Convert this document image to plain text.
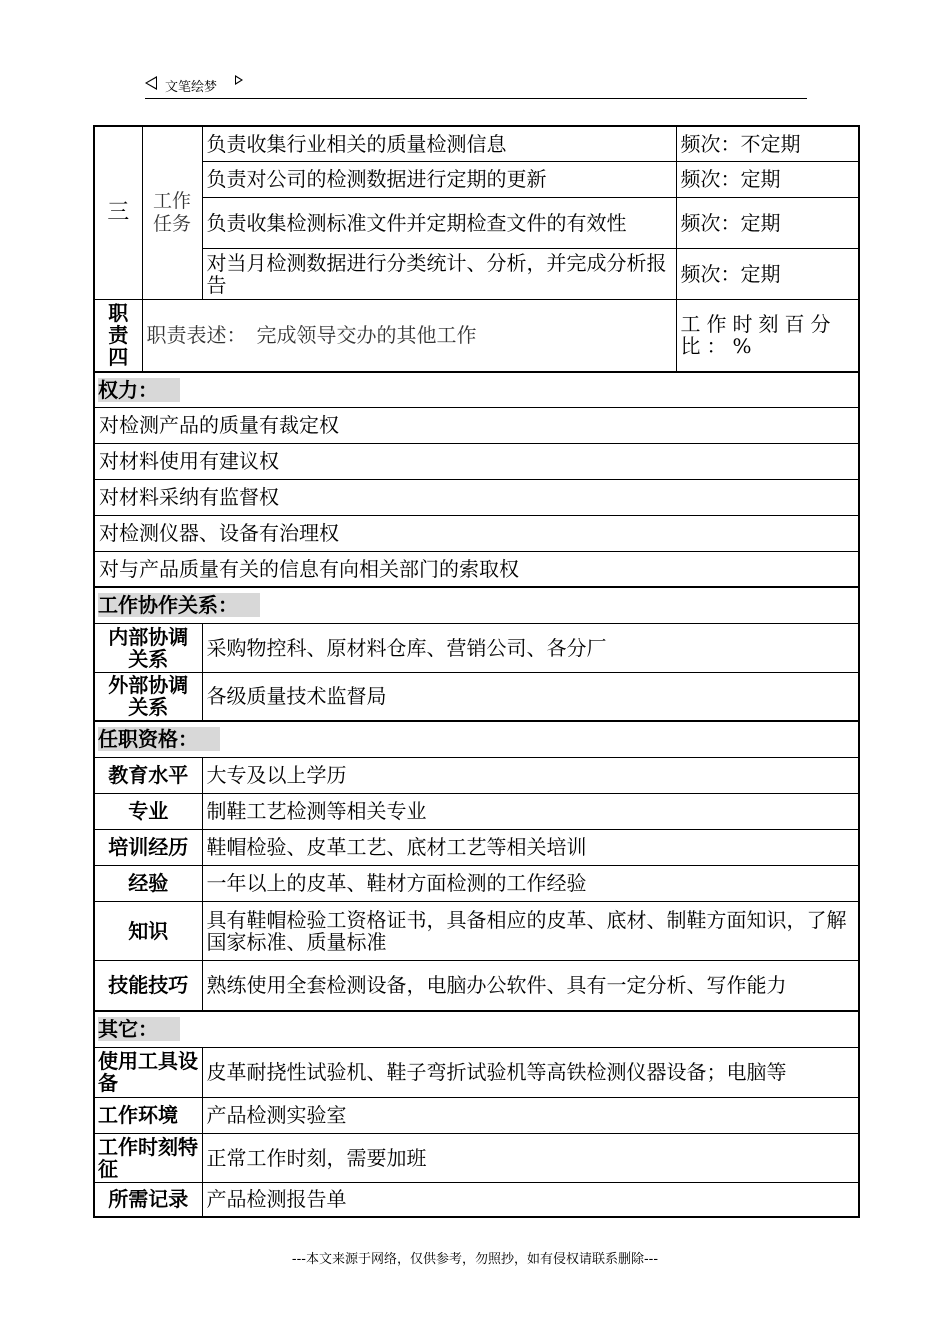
文笔绘梦
三	工作任务	负责收集行业相关的质量检测信息	频次：不定期
		负责对公司的检测数据进行定期的更新	频次：定期
		负责收集检测标准文件并定期检查文件的有效性	频次：定期
		对当月检测数据进行分类统计、分析，并完成分析报告	频次：定期
职责四	职责表述：　完成领导交办的其他工作		工作时刻百分比：%
权力：			
对检测产品的质量有裁定权			
对材料使用有建议权			
对材料采纳有监督权			
对检测仪器、设备有治理权			
对与产品质量有关的信息有向相关部门的索取权			
工作协作关系：			
内部协调关系		采购物控科、原材料仓库、营销公司、各分厂	
外部协调关系		各级质量技术监督局	
任职资格：			
教育水平		大专及以上学历	
专业		制鞋工艺检测等相关专业	
培训经历		鞋帽检验、皮革工艺、底材工艺等相关培训	
经验		一年以上的皮革、鞋材方面检测的工作经验	
知识		具有鞋帽检验工资格证书，具备相应的皮革、底材、制鞋方面知识，了解国家标准、质量标准	
技能技巧		熟练使用全套检测设备，电脑办公软件、具有一定分析、写作能力	
其它：			
使用工具设备		皮革耐挠性试验机、鞋子弯折试验机等高铁检测仪器设备；电脑等	
工作环境		产品检测实验室	
工作时刻特征		正常工作时刻，需要加班	
所需记录		产品检测报告单	
---本文来源于网络，仅供参考，勿照抄，如有侵权请联系删除---
